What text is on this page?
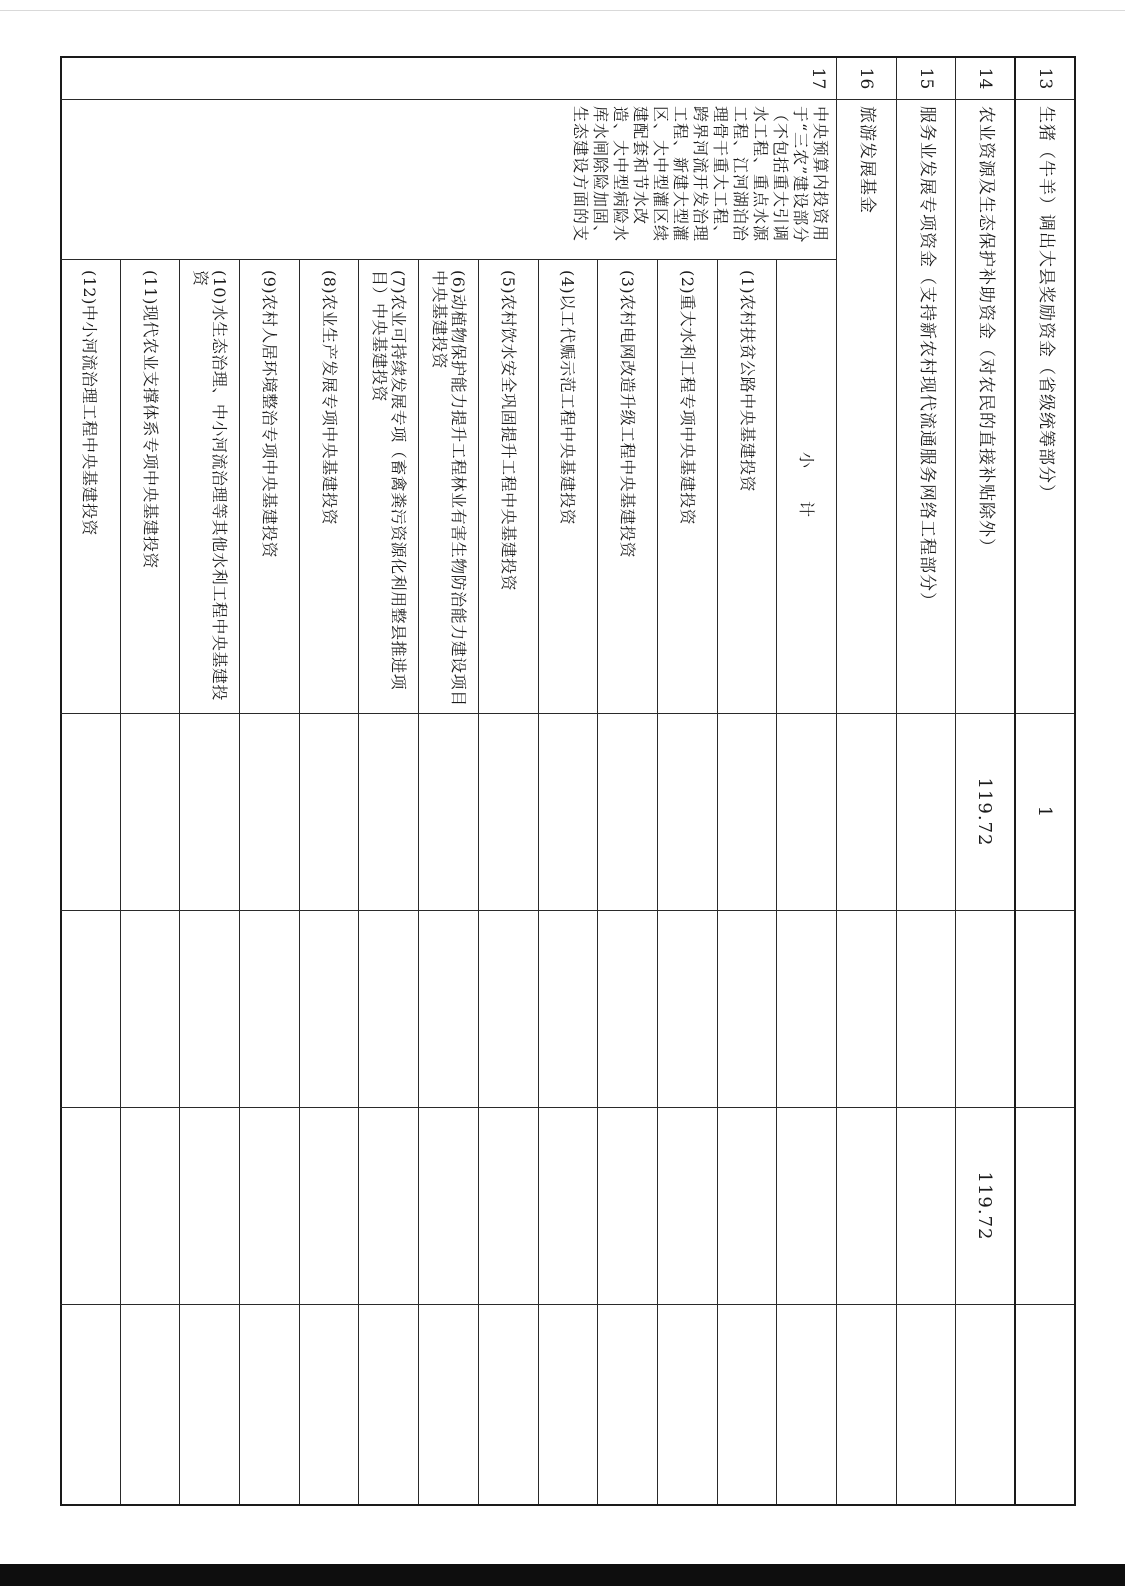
13
生猪（牛羊）调出大县奖励资金（省级统筹部分）
1
14
农业资源及生态保护补助资金（对农民的直接补贴除外）
119.72
119.72
15
服务业发展专项资金（支持新农村现代流通服务网络工程部分）
16
旅游发展基金
17
中央预算内投资用于“三农”建设部分（不包括重大引调水工程、重点水源工程、江河湖泊治理骨干重大工程、跨界河流开发治理工程、新建大型灌区、大中型灌区续建配套和节水改造、大中型病险水库水闸除险加固、生态建设方面的支
小 计
(1)农村扶贫公路中央基建投资
(2)重大水利工程专项中央基建投资
(3)农村电网改造升级工程中央基建投资
(4)以工代赈示范工程中央基建投资
(5)农村饮水安全巩固提升工程中央基建投资
(6)动植物保护能力提升工程林业有害生物防治能力建设项目中央基建投资
(7)农业可持续发展专项（畜禽粪污资源化利用整县推进项目）中央基建投资
(8)农业生产发展专项中央基建投资
(9)农村人居环境整治专项中央基建投资
(10)水生态治理、中小河流治理等其他水利工程中央基建投资
(11)现代农业支撑体系专项中央基建投资
(12)中小河流治理工程中央基建投资
